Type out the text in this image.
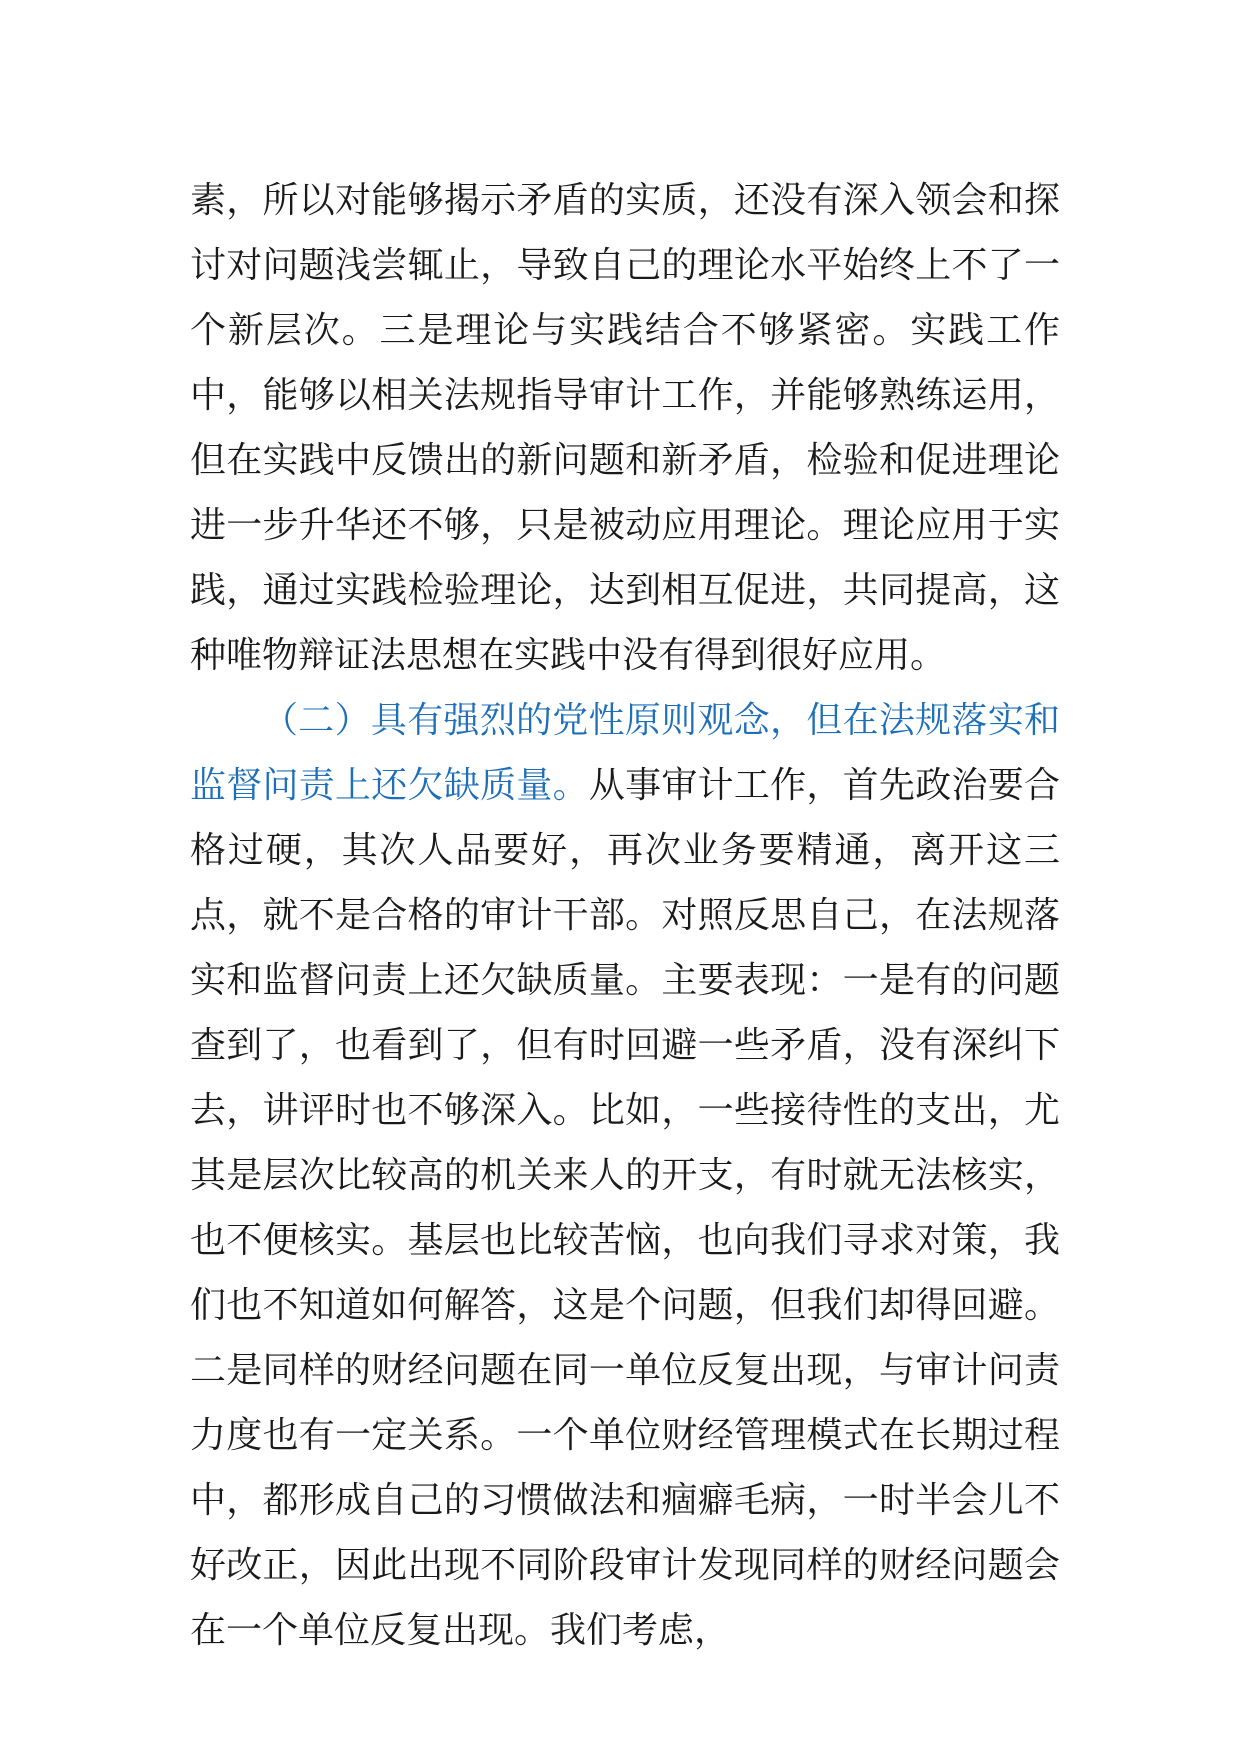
素，所以对能够揭示矛盾的实质，还没有深入领会和探讨对问题浅尝辄止，导致自己的理论水平始终上不了一个新层次。三是理论与实践结合不够紧密。实践工作中，能够以相关法规指导审计工作，并能够熟练运用，但在实践中反馈出的新问题和新矛盾，检验和促进理论进一步升华还不够，只是被动应用理论。理论应用于实践，通过实践检验理论，达到相互促进，共同提高，这种唯物辩证法思想在实践中没有得到很好应用。

（二）具有强烈的党性原则观念，但在法规落实和监督问责上还欠缺质量。从事审计工作，首先政治要合格过硬，其次人品要好，再次业务要精通，离开这三点，就不是合格的审计干部。对照反思自己，在法规落实和监督问责上还欠缺质量。主要表现：一是有的问题查到了，也看到了，但有时回避一些矛盾，没有深纠下去，讲评时也不够深入。比如，一些接待性的支出，尤其是层次比较高的机关来人的开支，有时就无法核实，也不便核实。基层也比较苦恼，也向我们寻求对策，我们也不知道如何解答，这是个问题，但我们却得回避。二是同样的财经问题在同一单位反复出现，与审计问责力度也有一定关系。一个单位财经管理模式在长期过程中，都形成自己的习惯做法和痼癖毛病，一时半会儿不好改正，因此出现不同阶段审计发现同样的财经问题会在一个单位反复出现。我们考虑，
